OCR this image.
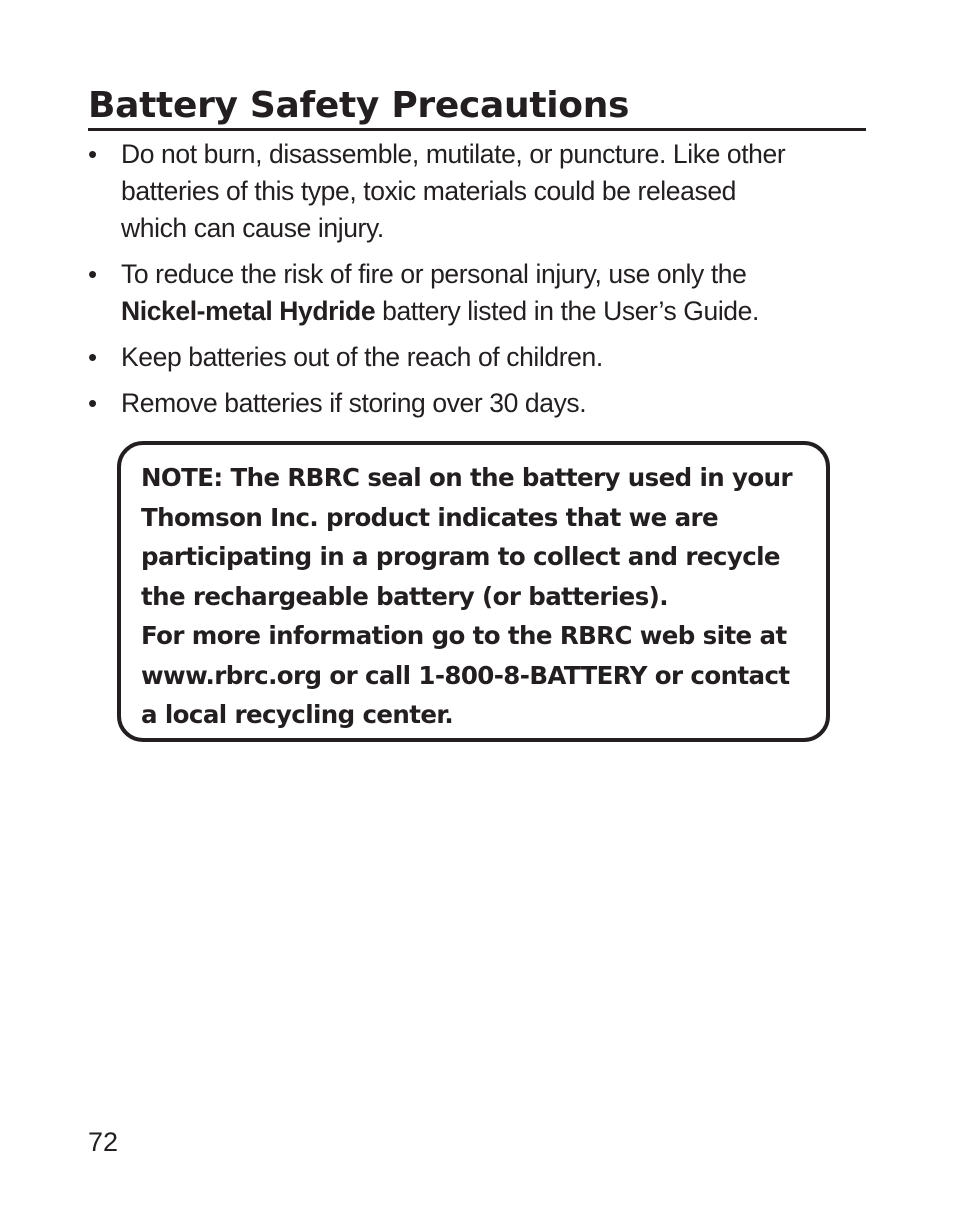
Battery Safety Precautions
• Do not burn, disassemble, mutilate, or puncture. Like other
batteries of this type, toxic materials could be released
which can cause injury.
• To reduce the risk of fire or personal injury, use only the
Nickel-metal Hydride battery listed in the User’s Guide.
• Keep batteries out of the reach of children.
• Remove batteries if storing over 30 days.
NOTE: The RBRC seal on the battery used in your
Thomson Inc. product indicates that we are
participating in a program to collect and recycle
the rechargeable battery (or batteries).
For more information go to the RBRC web site at
www.rbrc.org or call 1-800-8-BATTERY or contact
a local recycling center.
72
